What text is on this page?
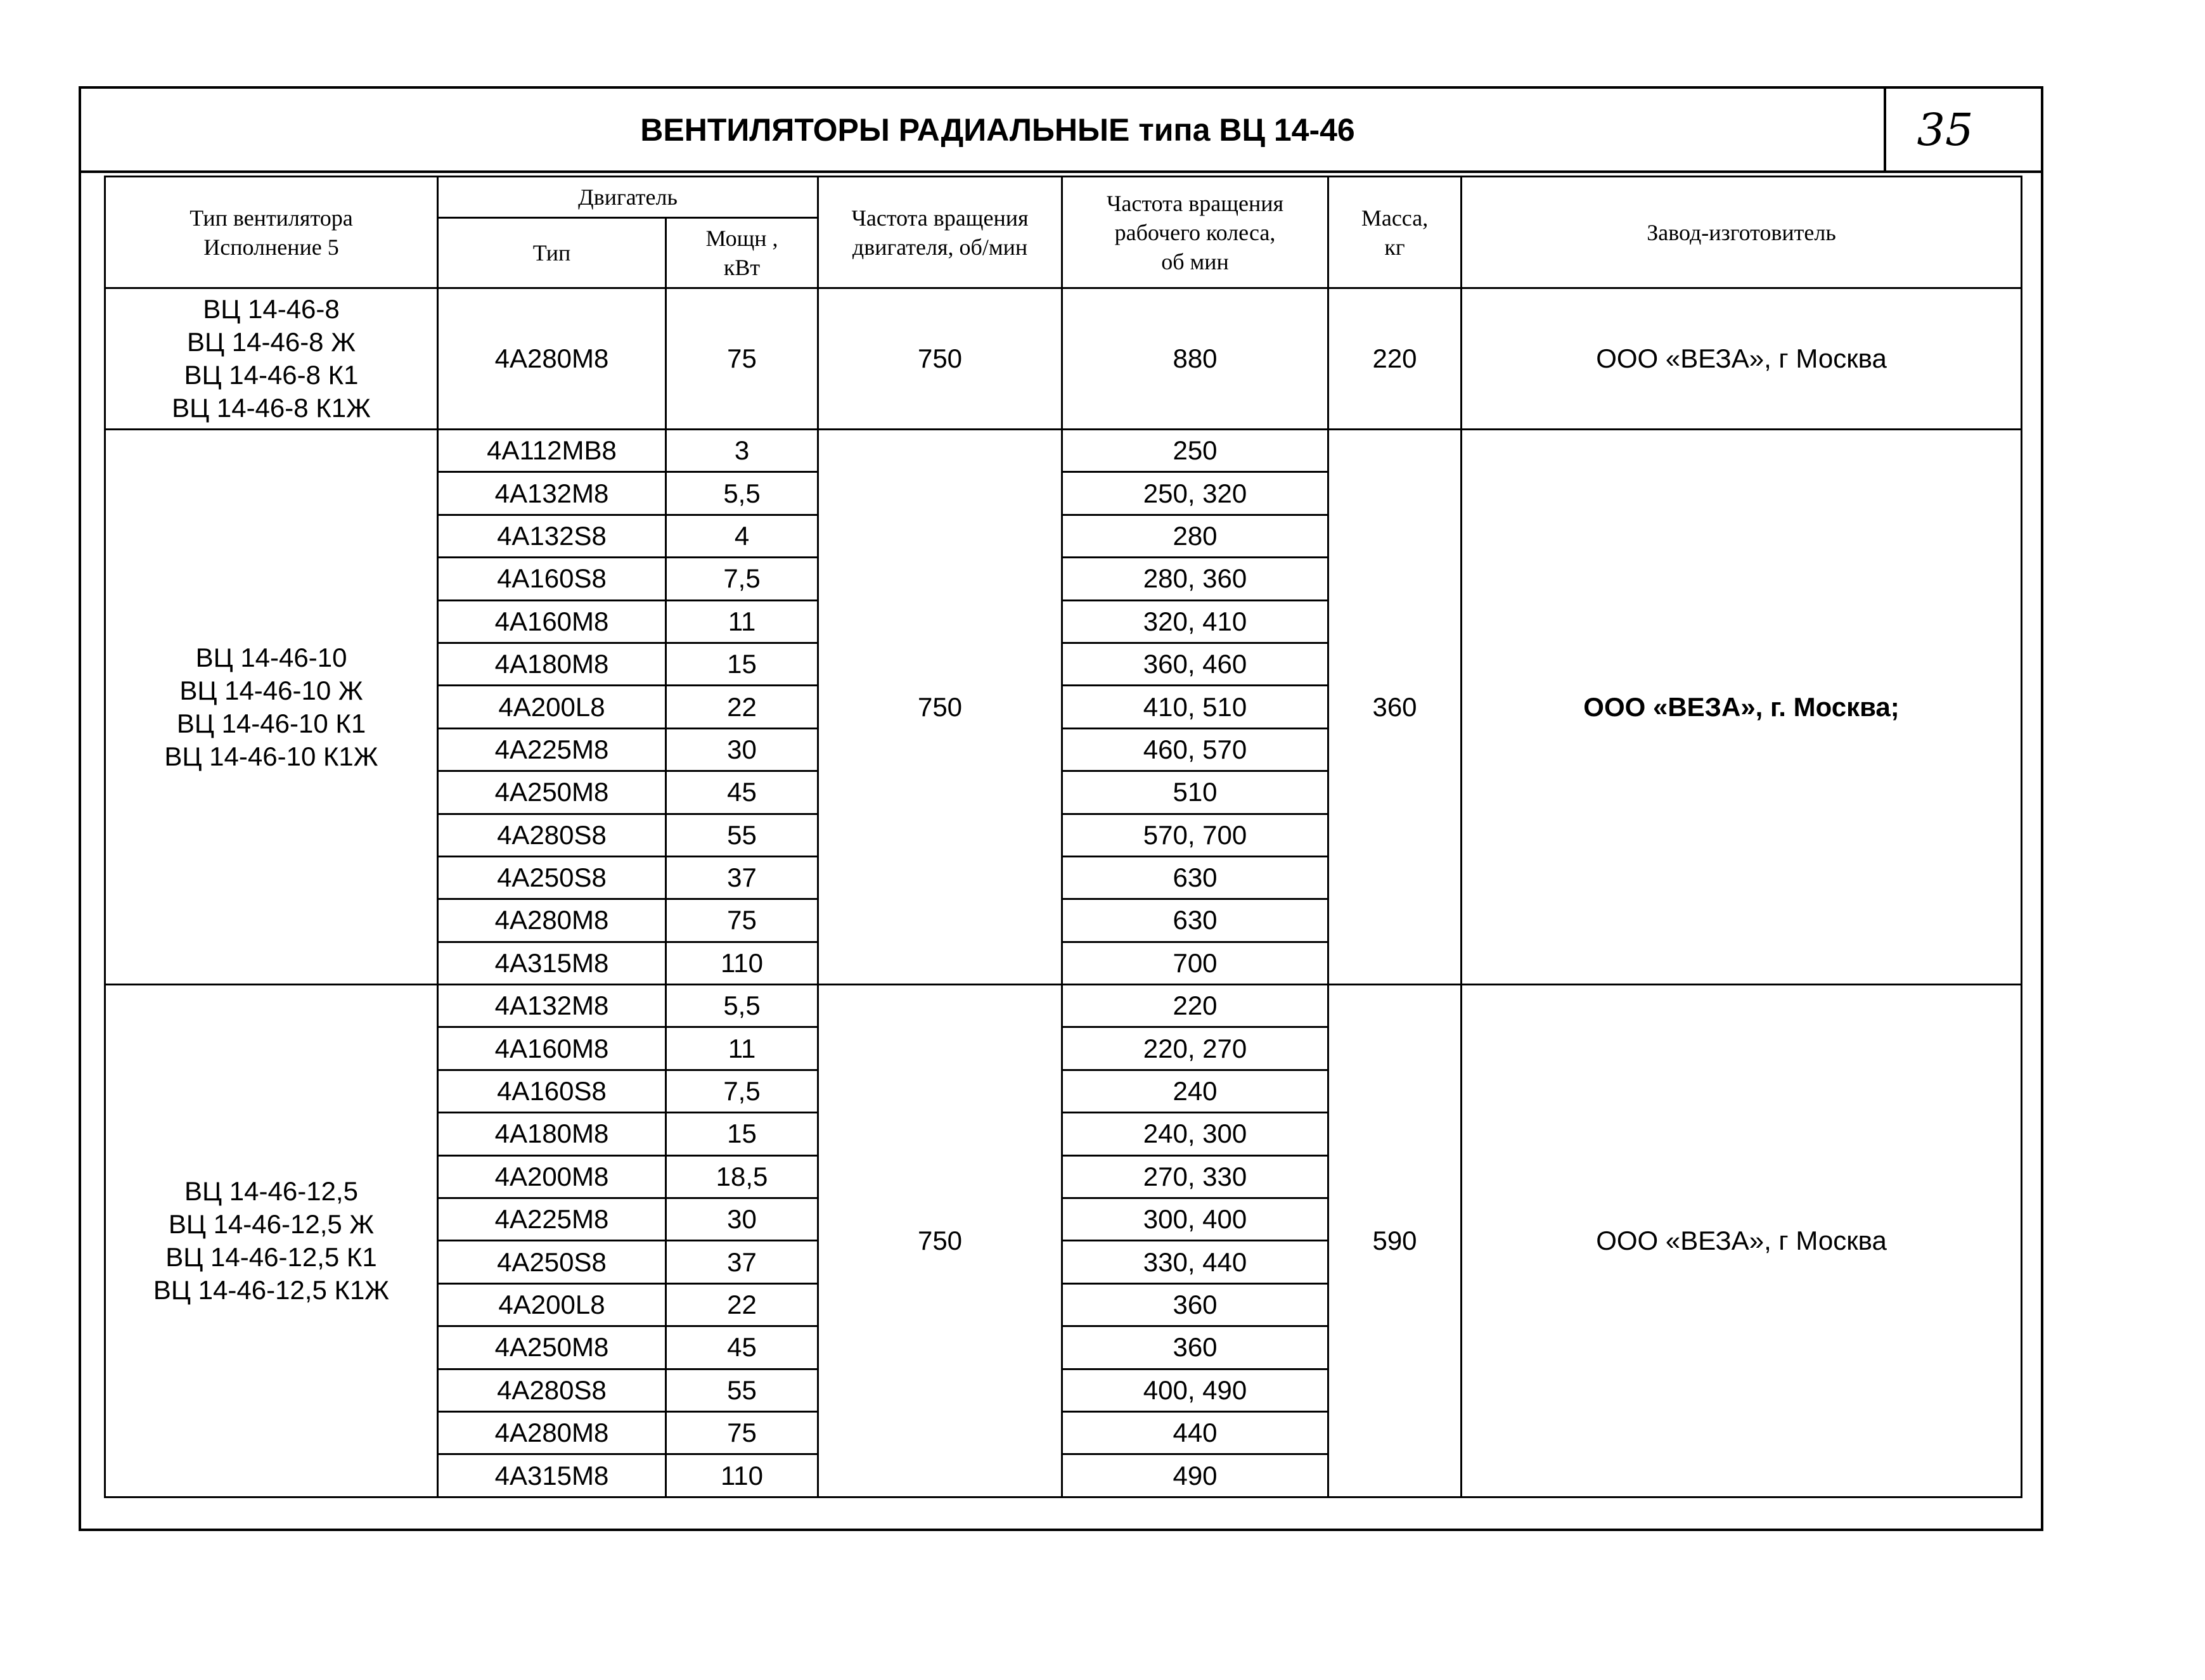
ВЕНТИЛЯТОРЫ РАДИАЛЬНЫЕ типа ВЦ 14-46	35
Тип вентилятора
Исполнение 5	Двигатель		Частота вращения
двигателя, об/мин	Частота вращения
рабочего колеса,
об мин	Масса,
кг	Завод-изготовитель
	Тип	Мощн ,
кВт				
ВЦ 14-46-8
ВЦ 14-46-8 Ж
ВЦ 14-46-8 К1
ВЦ 14-46-8 К1Ж	4А280М8	75	750	880	220	ООО «ВЕЗА», г Москва
ВЦ 14-46-10
ВЦ 14-46-10 Ж
ВЦ 14-46-10 К1
ВЦ 14-46-10 К1Ж	4А112МВ8	3	750	250	360	ООО «ВЕЗА», г. Москва;
	4А132М8	5,5		250, 320		
	4А132S8	4		280		
	4А160S8	7,5		280, 360		
	4А160М8	11		320, 410		
	4А180М8	15		360, 460		
	4А200L8	22		410, 510		
	4А225М8	30		460, 570		
	4А250М8	45		510		
	4А280S8	55		570, 700		
	4А250S8	37		630		
	4А280М8	75		630		
	4А315М8	110		700		
ВЦ 14-46-12,5
ВЦ 14-46-12,5 Ж
ВЦ 14-46-12,5 К1
ВЦ 14-46-12,5 К1Ж	4А132М8	5,5	750	220	590	ООО «ВЕЗА», г Москва
	4А160М8	11		220, 270		
	4А160S8	7,5		240		
	4А180М8	15		240, 300		
	4А200М8	18,5		270, 330		
	4А225М8	30		300, 400		
	4А250S8	37		330, 440		
	4А200L8	22		360		
	4А250М8	45		360		
	4А280S8	55		400, 490		
	4А280М8	75		440		
	4А315М8	110		490		
